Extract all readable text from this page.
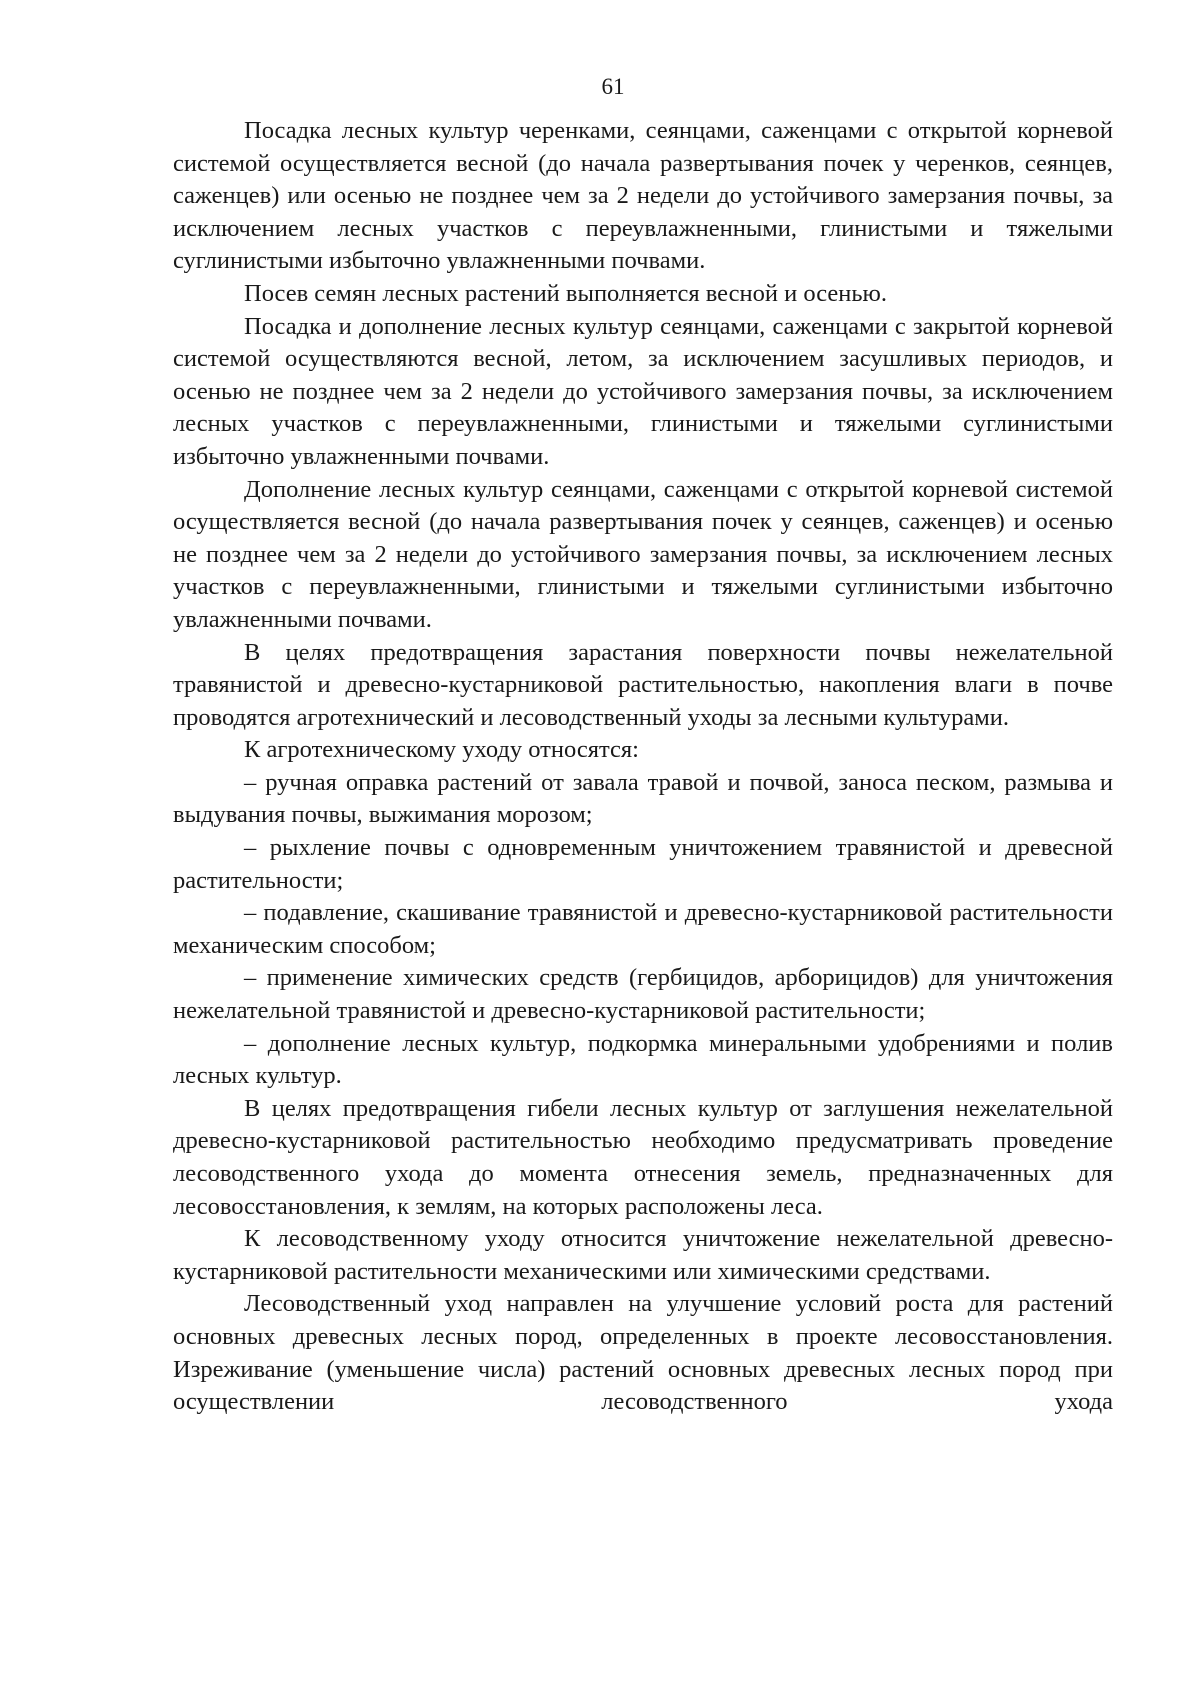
61

Посадка лесных культур черенками, сеянцами, саженцами с открытой корневой системой осуществляется весной (до начала развертывания почек у черенков, сеянцев, саженцев) или осенью не позднее чем за 2 недели до устойчивого замерзания почвы, за исключением лесных участков с переувлажненными, глинистыми и тяжелыми суглинистыми избыточно увлажненными почвами.

Посев семян лесных растений выполняется весной и осенью.

Посадка и дополнение лесных культур сеянцами, саженцами с закрытой корневой системой осуществляются весной, летом, за исключением засушливых периодов, и осенью не позднее чем за 2 недели до устойчивого замерзания почвы, за исключением лесных участков с переувлажненными, глинистыми и тяжелыми суглинистыми избыточно увлажненными почвами.

Дополнение лесных культур сеянцами, саженцами с открытой корневой системой осуществляется весной (до начала развертывания почек у сеянцев, саженцев) и осенью не позднее чем за 2 недели до устойчивого замерзания почвы, за исключением лесных участков с переувлажненными, глинистыми и тяжелыми суглинистыми избыточно увлажненными почвами.

В целях предотвращения зарастания поверхности почвы нежелательной травянистой и древесно-кустарниковой растительностью, накопления влаги в почве проводятся агротехнический и лесоводственный уходы за лесными культурами.

К агротехническому уходу относятся:

– ручная оправка растений от завала травой и почвой, заноса песком, размыва и выдувания почвы, выжимания морозом;

– рыхление почвы с одновременным уничтожением травянистой и древесной растительности;

– подавление, скашивание травянистой и древесно-кустарниковой растительности механическим способом;

– применение химических средств (гербицидов, арборицидов) для уничтожения нежелательной травянистой и древесно-кустарниковой растительности;

– дополнение лесных культур, подкормка минеральными удобрениями и полив лесных культур.

В целях предотвращения гибели лесных культур от заглушения нежелательной древесно-кустарниковой растительностью необходимо предусматривать проведение лесоводственного ухода до момента отнесения земель, предназначенных для лесовосстановления, к землям, на которых расположены леса.

К лесоводственному уходу относится уничтожение нежелательной древесно-кустарниковой растительности механическими или химическими средствами.

Лесоводственный уход направлен на улучшение условий роста для растений основных древесных лесных пород, определенных в проекте лесовосстановления. Изреживание (уменьшение числа) растений основных древесных лесных пород при осуществлении лесоводственного ухода
